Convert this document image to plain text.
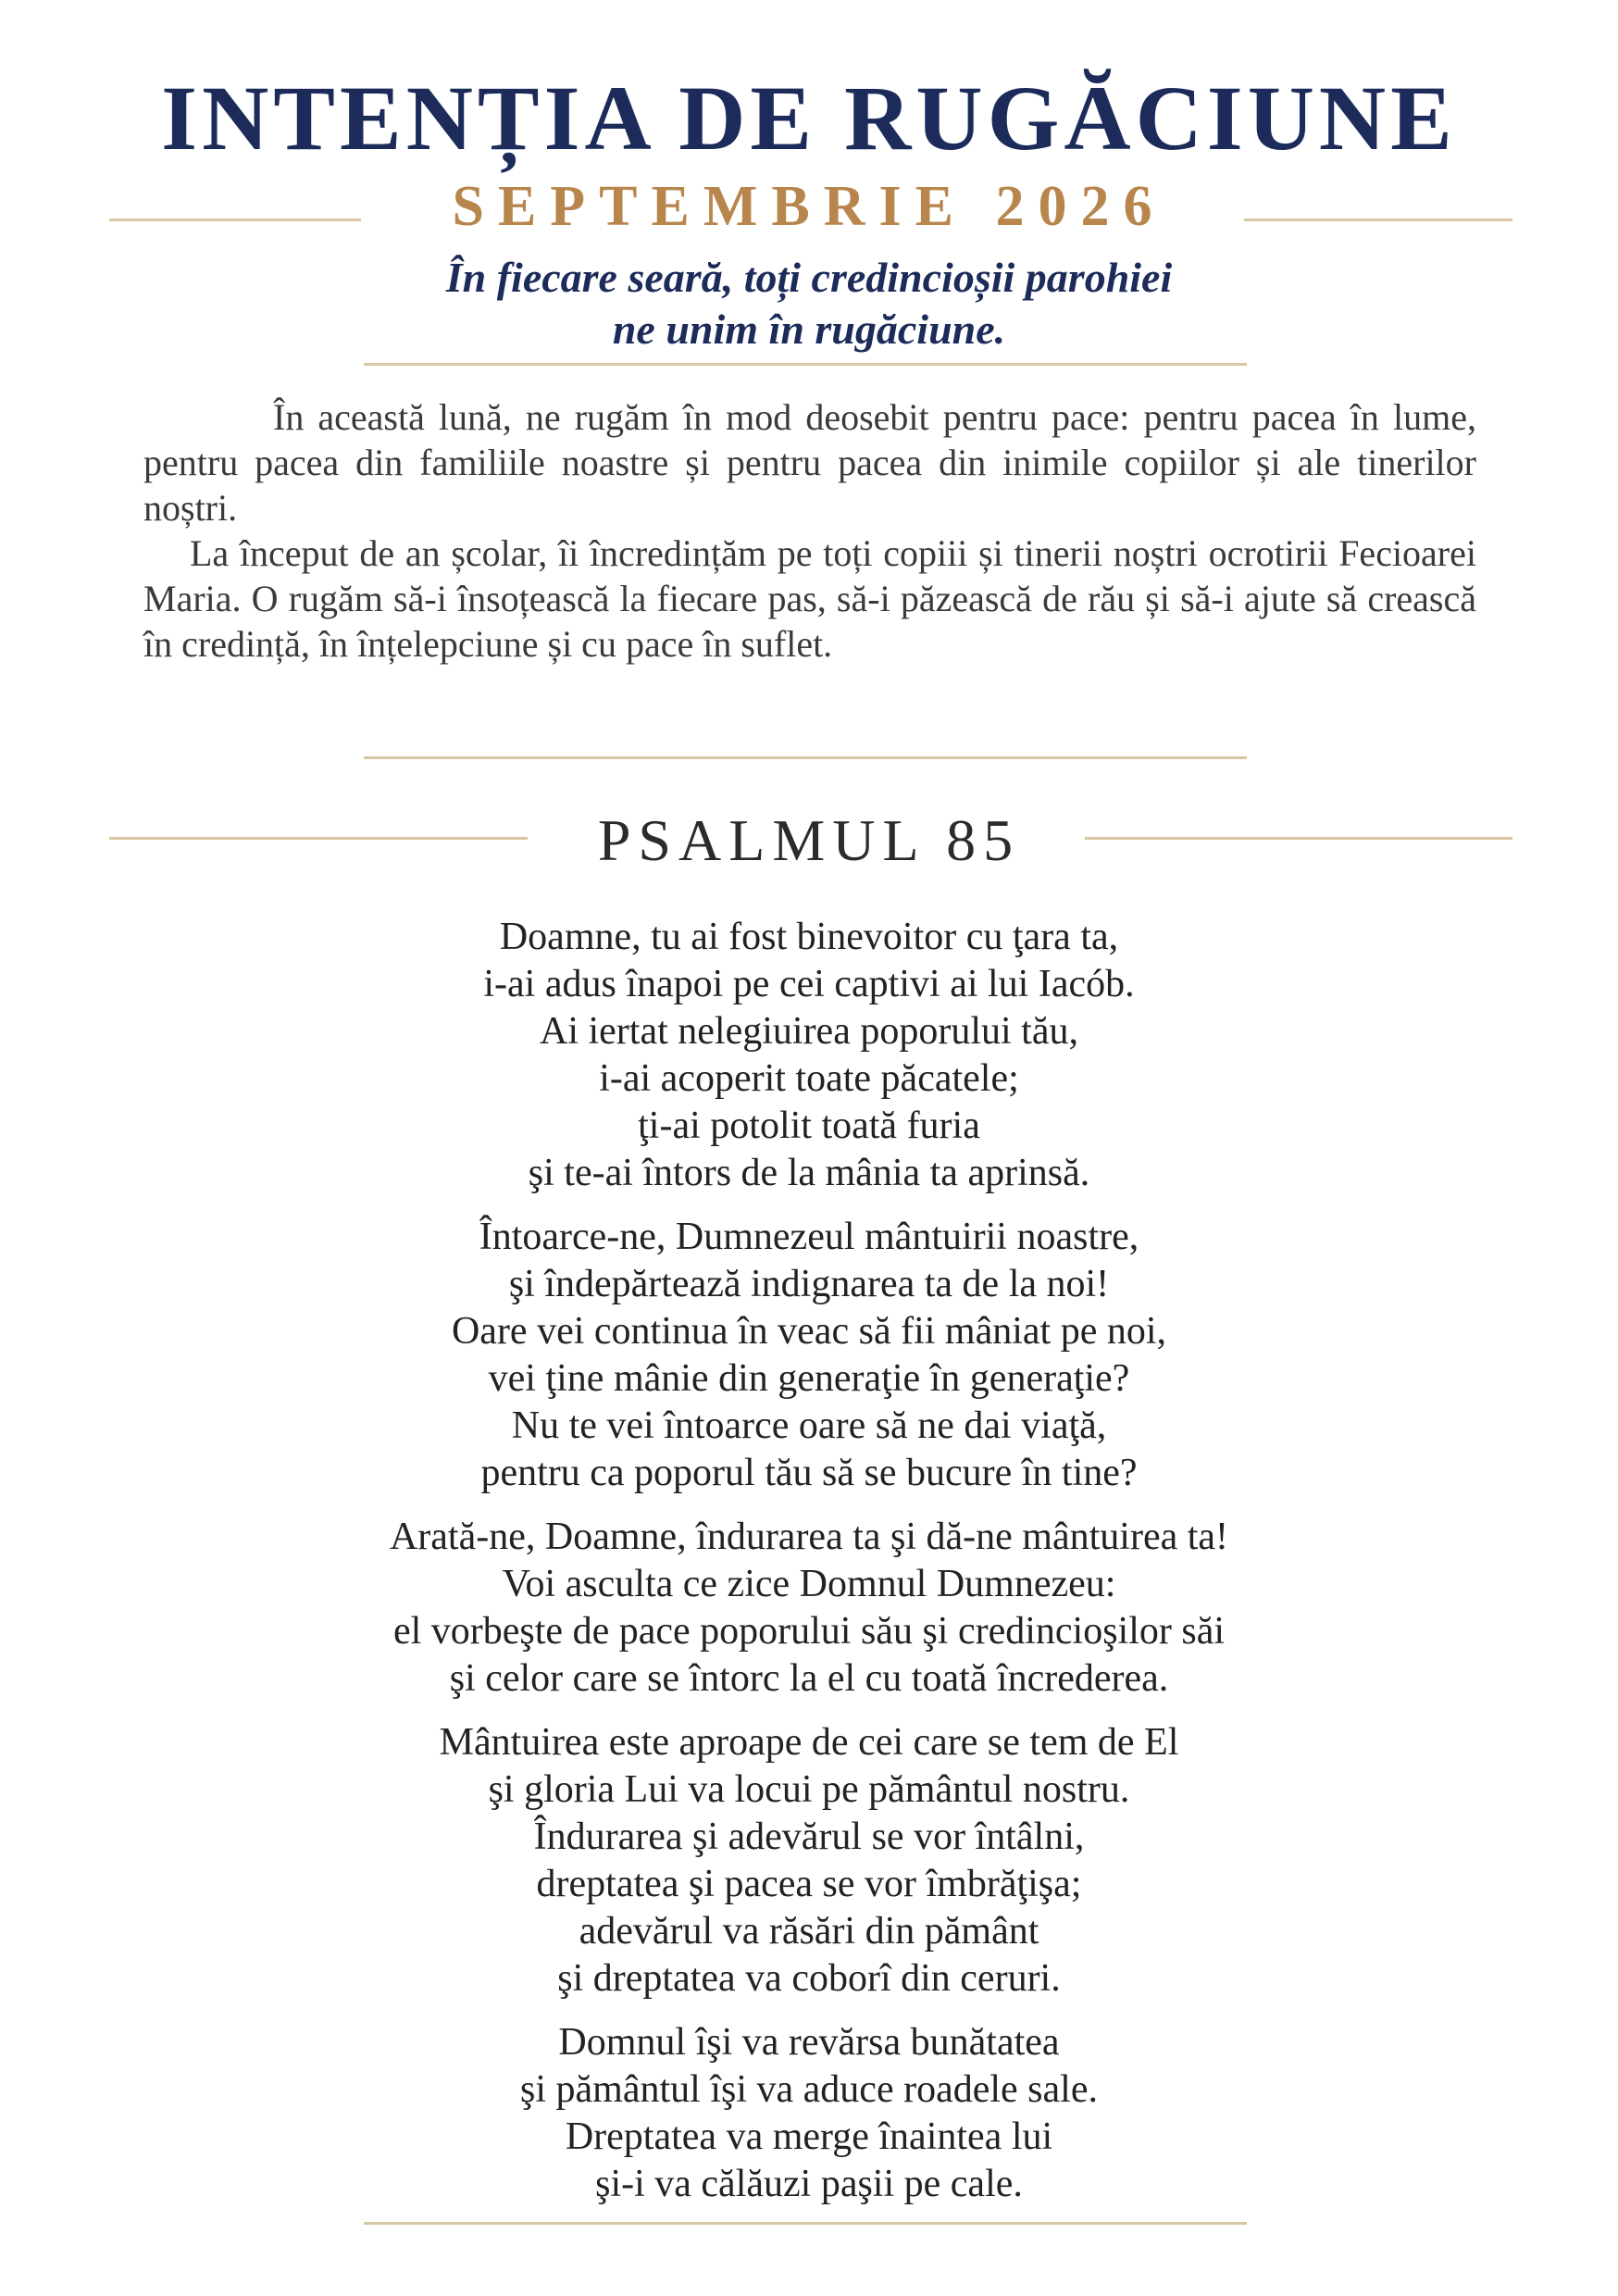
INTENȚIA DE RUGĂCIUNE
SEPTEMBRIE 2026
În fiecare seară, toți credincioșii parohiei
ne unim în rugăciune.

În această lună, ne rugăm în mod deosebit pentru pace: pentru pacea în lume, pentru pacea din familiile noastre și pentru pacea din inimile copiilor și ale tinerilor noștri.

La început de an școlar, îi încredințăm pe toți copiii și tinerii noștri ocrotirii Fecioarei Maria. O rugăm să-i însoțească la fiecare pas, să-i păzească de rău și să-i ajute să crească în credință, în înțelepciune și cu pace în suflet.

PSALMUL 85
Doamne, tu ai fost binevoitor cu ţara ta,
i-ai adus înapoi pe cei captivi ai lui Iacób.
Ai iertat nelegiuirea poporului tău,
i-ai acoperit toate păcatele;
ţi-ai potolit toată furia
şi te-ai întors de la mânia ta aprinsă.
Întoarce-ne, Dumnezeul mântuirii noastre,
şi îndepărtează indignarea ta de la noi!
Oare vei continua în veac să fii mâniat pe noi,
vei ţine mânie din generaţie în generaţie?
Nu te vei întoarce oare să ne dai viaţă,
pentru ca poporul tău să se bucure în tine?
Arată-ne, Doamne, îndurarea ta şi dă-ne mântuirea ta!
Voi asculta ce zice Domnul Dumnezeu:
el vorbeşte de pace poporului său şi credincioşilor săi
şi celor care se întorc la el cu toată încrederea.
Mântuirea este aproape de cei care se tem de El
şi gloria Lui va locui pe pământul nostru.
Îndurarea şi adevărul se vor întâlni,
dreptatea şi pacea se vor îmbrăţişa;
adevărul va răsări din pământ
şi dreptatea va coborî din ceruri.
Domnul îşi va revărsa bunătatea
şi pământul îşi va aduce roadele sale.
Dreptatea va merge înaintea lui
şi-i va călăuzi paşii pe cale.
